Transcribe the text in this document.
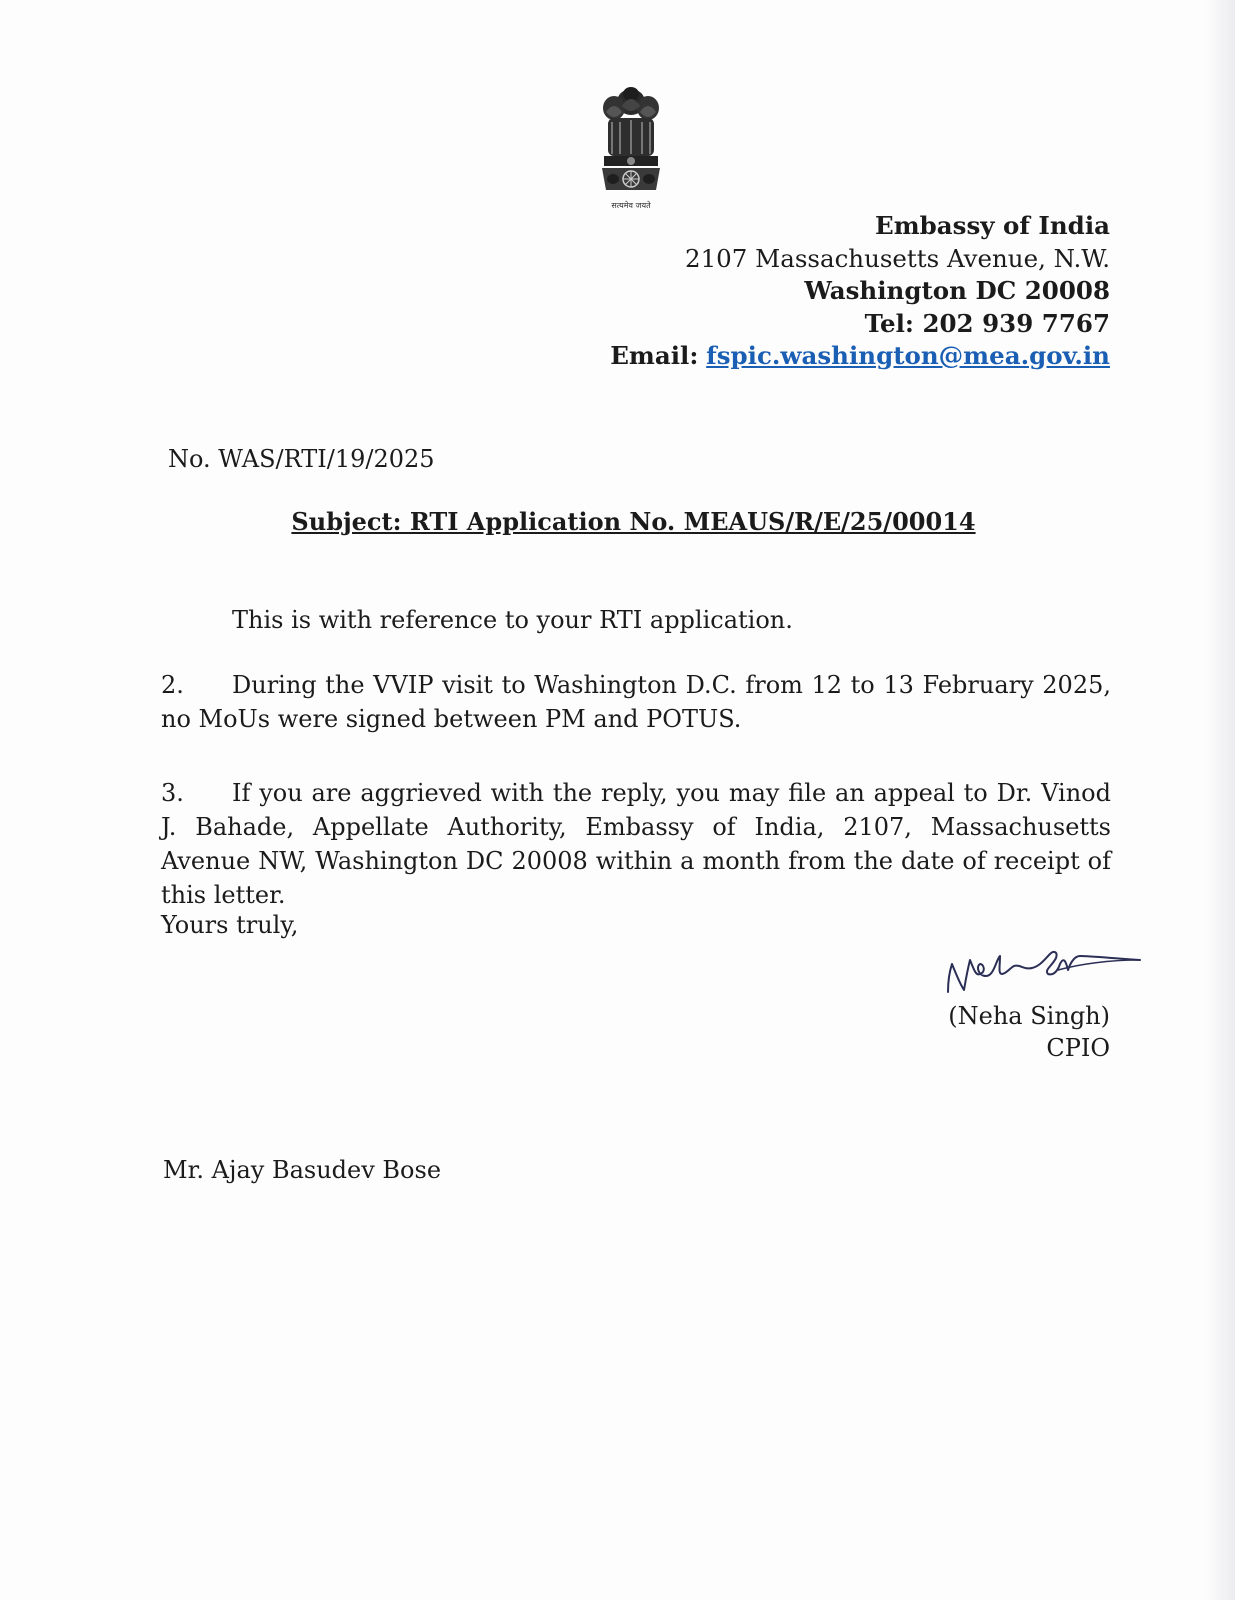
सत्यमेव जयते
Embassy of India
2107 Massachusetts Avenue, N.W.
Washington DC 20008
Tel: 202 939 7767
Email: fspic.washington@mea.gov.in
No. WAS/RTI/19/2025
Subject: RTI Application No. MEAUS/R/E/25/00014
This is with reference to your RTI application.
2. During the VVIP visit to Washington D.C. from 12 to 13 February 2025, no MoUs were signed between PM and POTUS.
3. If you are aggrieved with the reply, you may file an appeal to Dr. Vinod J. Bahade, Appellate Authority, Embassy of India, 2107, Massachusetts Avenue NW, Washington DC 20008 within a month from the date of receipt of this letter.
Yours truly,
(Neha Singh)
CPIO
Mr. Ajay Basudev Bose
